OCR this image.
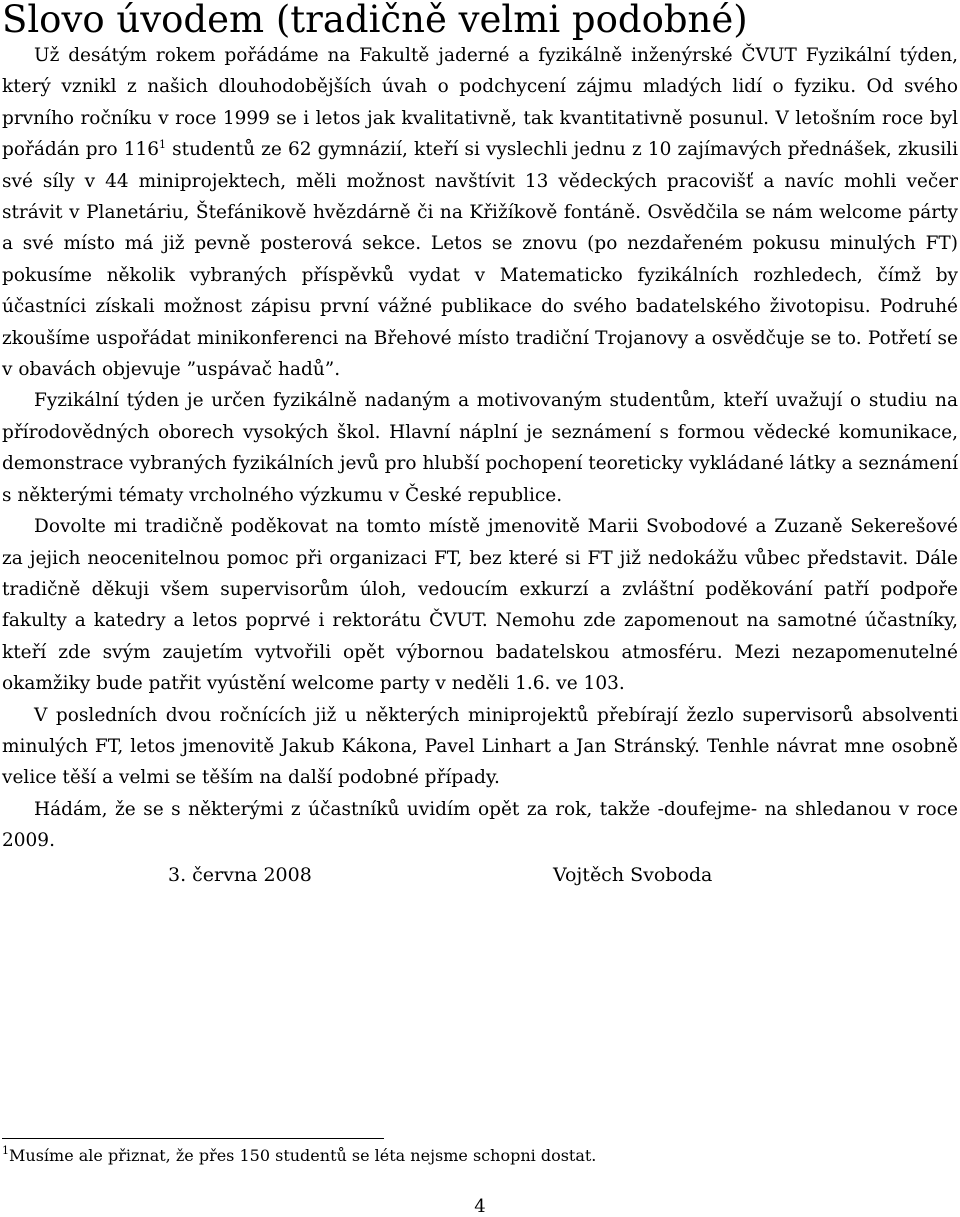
Slovo úvodem (tradičně velmi podobné)

Už desátým rokem pořádáme na Fakultě jaderné a fyzikálně inženýrské ČVUT Fyzikální týden, který vznikl z našich dlouhodobějších úvah o podchycení zájmu mladých lidí o fyziku. Od svého prvního ročníku v roce 1999 se i letos jak kvalitativně, tak kvantitativně posunul. V letošním roce byl pořádán pro $116^1$ studentů ze 62 gymnázií, kteří si vyslechli jednu z 10 zajímavých přednášek, zkusili své síly v 44 miniprojektech, měli možnost navštívit 13 vědeckých pracovišť a navíc mohli večer strávit v Planetáriu, Štefánikově hvězdárně či na Křižíkově fontáně. Osvědčila se nám welcome párty a své místo má již pevně posterová sekce. Letos se znovu (po nezdařeném pokusu minulých FT) pokusíme několik vybraných příspěvků vydat v Matematicko fyzikálních rozhledech, čímž by účastníci získali možnost zápisu první vážné publikace do svého badatelského životopisu. Podruhé zkoušíme uspořádat minikonferenci na Břehové místo tradiční Trojanovy a osvědčuje se to. Potřetí se v obavách objevuje ”uspávač hadů”.

Fyzikální týden je určen fyzikálně nadaným a motivovaným studentům, kteří uvažují o studiu na přírodovědných oborech vysokých škol. Hlavní náplní je seznámení s formou vědecké komunikace, demonstrace vybraných fyzikálních jevů pro hlubší pochopení teoreticky vykládané látky a seznámení s některými tématy vrcholného výzkumu v České republice.

Dovolte mi tradičně poděkovat na tomto místě jmenovitě Marii Svobodové a Zuzaně Sekerešové za jejich neocenitelnou pomoc při organizaci FT, bez které si FT již nedokážu vůbec představit. Dále tradičně děkuji všem supervisorům úloh, vedoucím exkurzí a zvláštní poděkování patří podpoře fakulty a katedry a letos poprvé i rektorátu ČVUT. Nemohu zde zapomenout na samotné účastníky, kteří zde svým zaujetím vytvořili opět výbornou badatelskou atmosféru. Mezi nezapomenutelné okamžiky bude patřit vyústění welcome party v neděli 1.6. ve 103.

V posledních dvou ročnících již u některých miniprojektů přebírají žezlo supervisorů absolventi minulých FT, letos jmenovitě Jakub Kákona, Pavel Linhart a Jan Stránský. Tenhle návrat mne osobně velice těší a velmi se těším na další podobné případy.

Hádám, že se s některými z účastníků uvidím opět za rok, takže -doufejme- na shledanou v roce 2009.

3. června 2008	Vojtěch Svoboda
$^1$Musíme ale přiznat, že přes 150 studentů se léta nejsme schopni dostat.
4
